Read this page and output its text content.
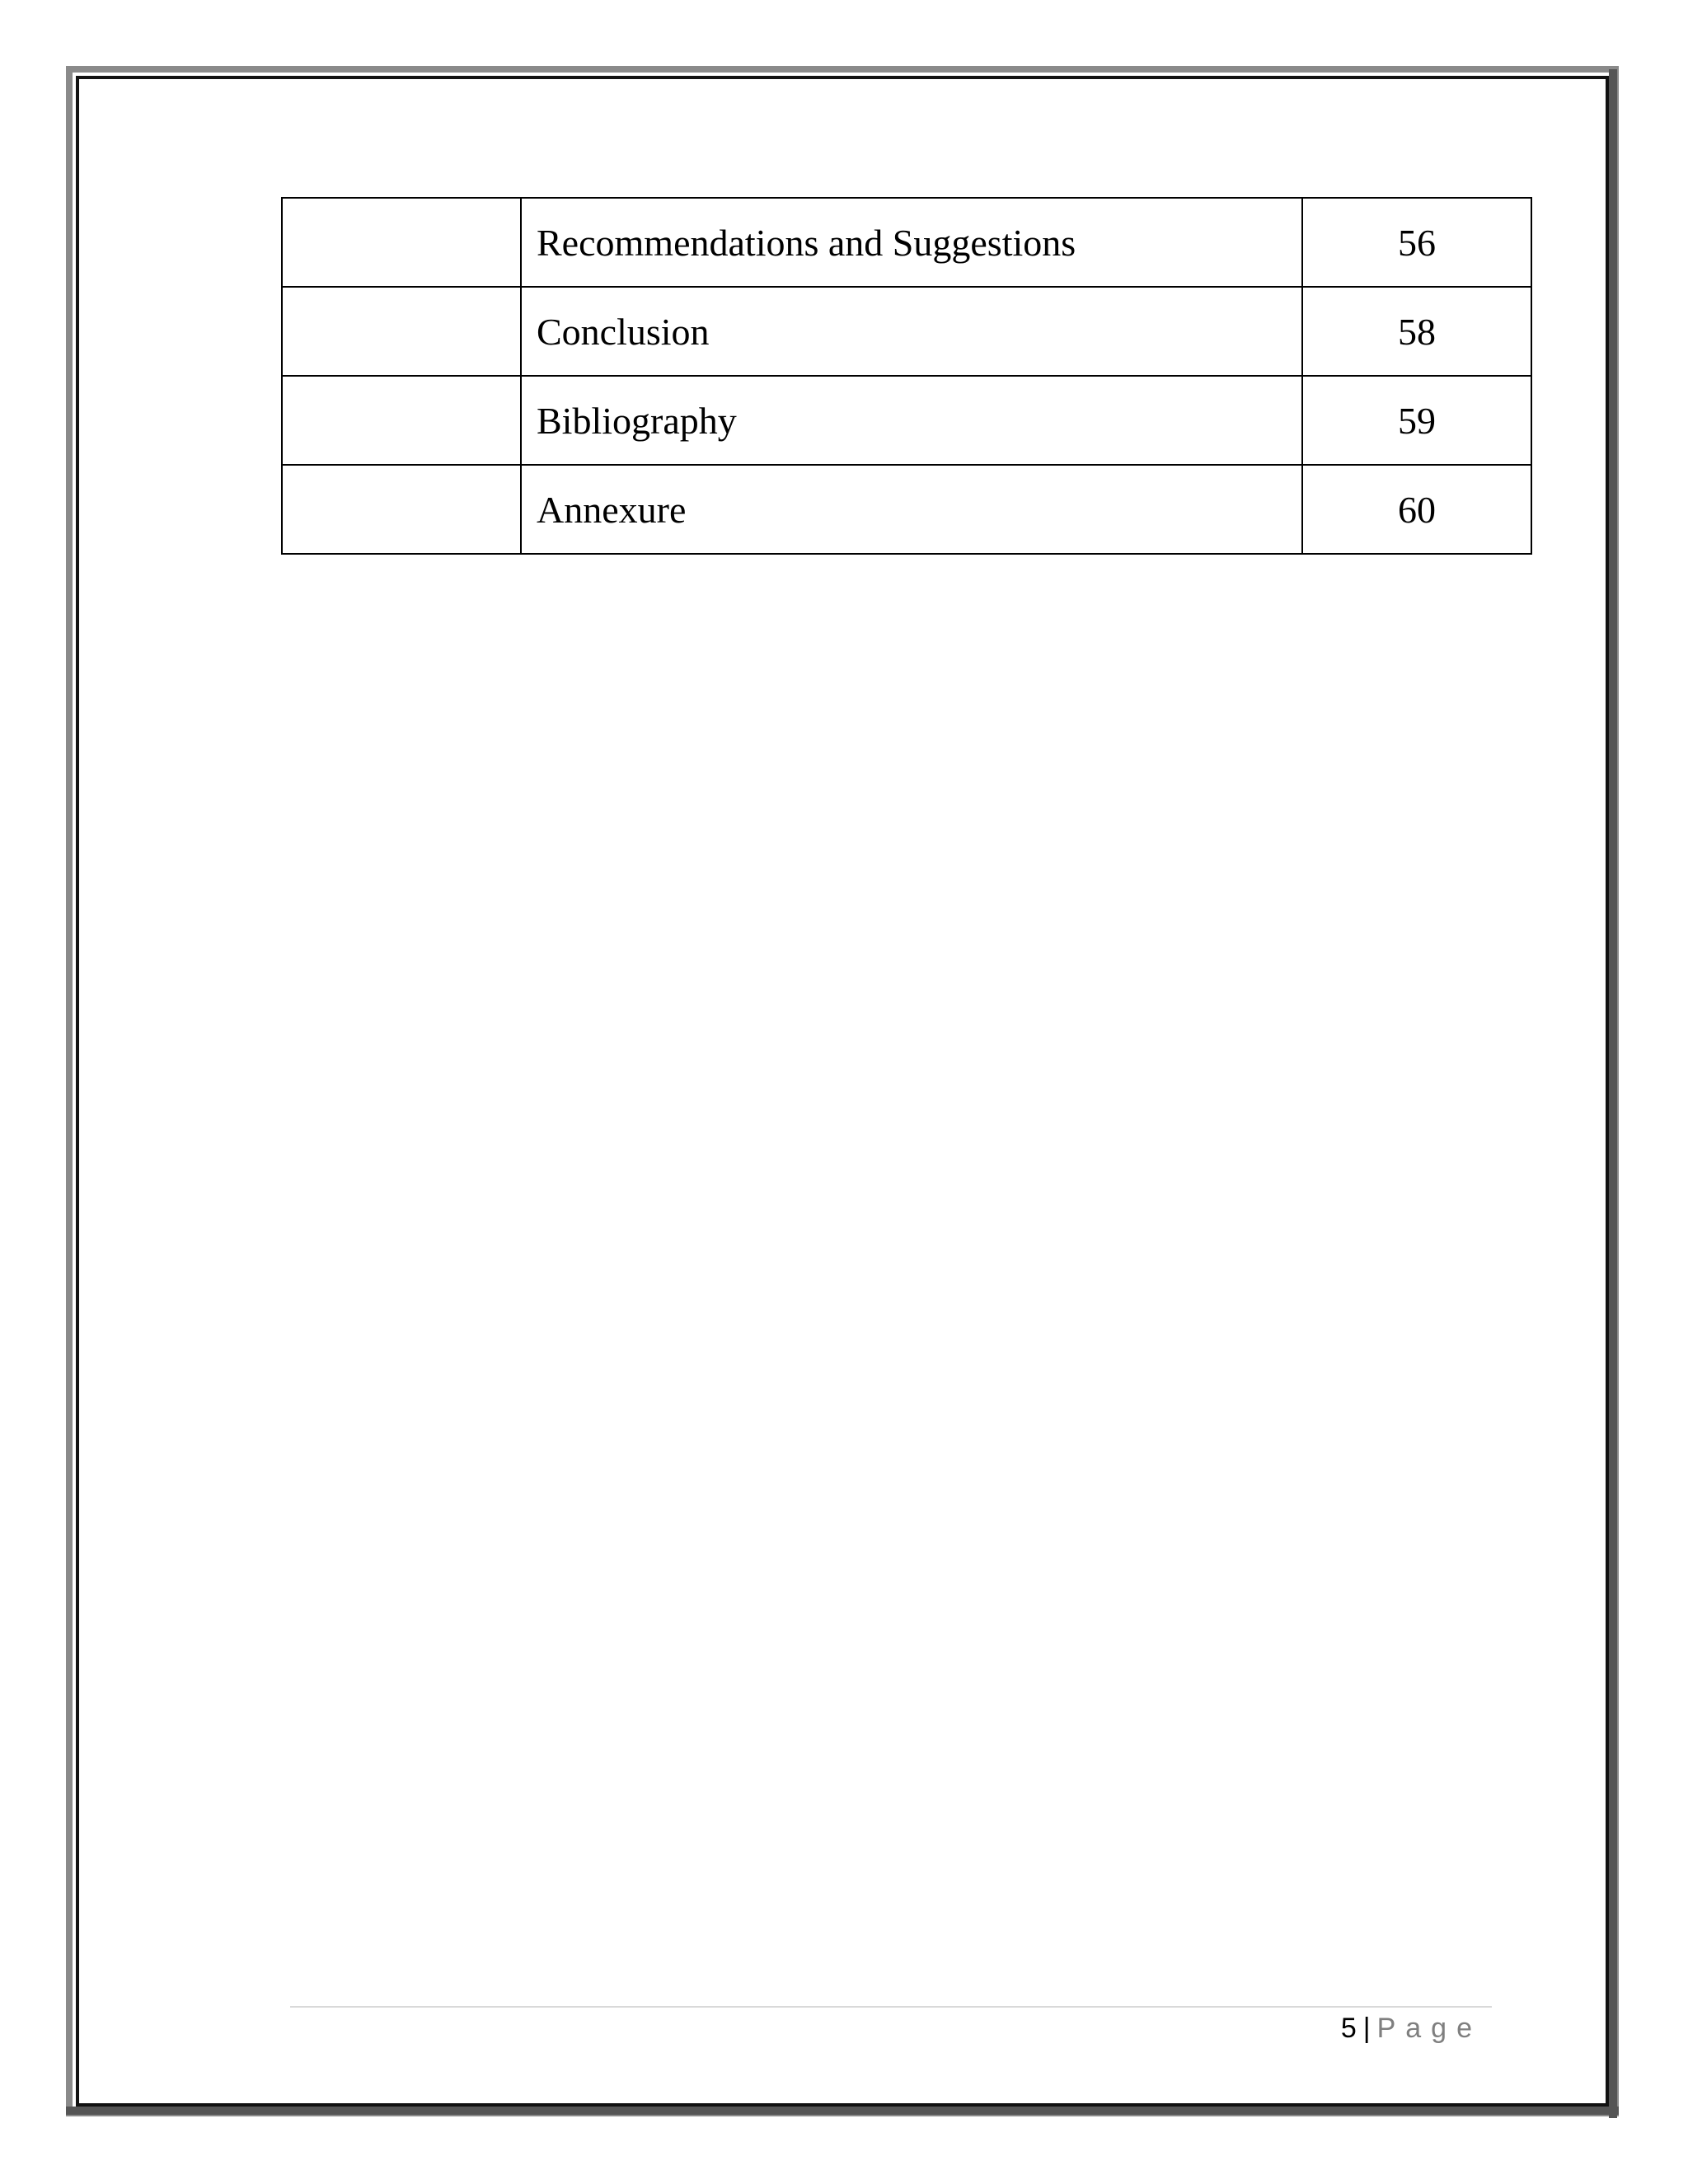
	Recommendations and Suggestions	56
	Conclusion	58
	Bibliography	59
	Annexure	60
5 | Page
